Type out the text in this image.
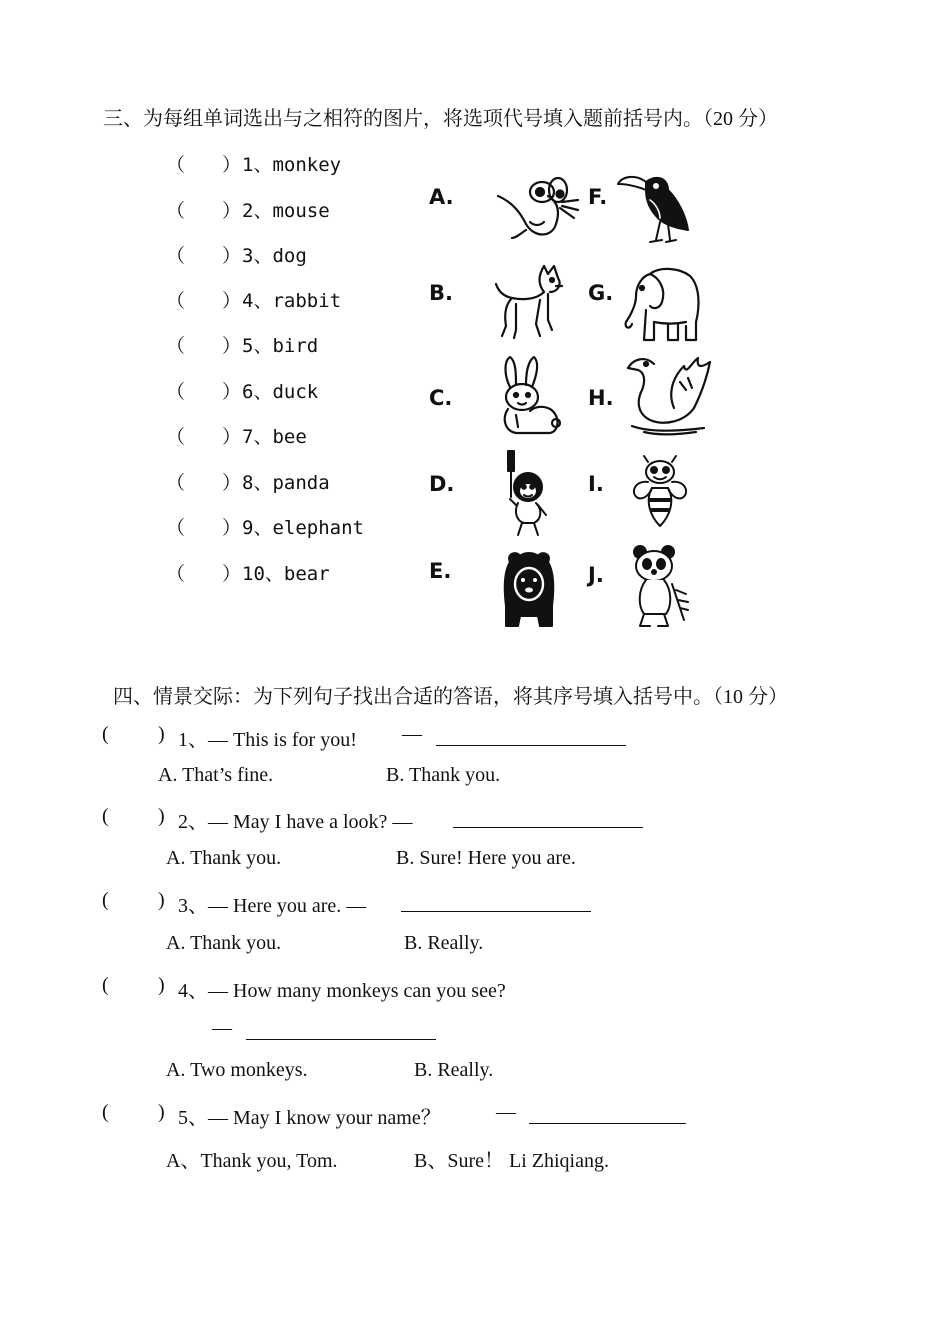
三、为每组单词选出与之相符的图片，将选项代号填入题前括号内。（20 分）
（ ） 1、monkey
（ ） 2、mouse
（ ） 3、dog
（ ） 4、rabbit
（ ） 5、bird
（ ） 6、duck
（ ） 7、bee
（ ） 8、panda
（ ） 9、elephant
（ ） 10、bear
A.
B.
C.
D.
E.
F.
G.
H.
I.
J.
四、情景交际：为下列句子找出合适的答语，将其序号填入括号中。（10 分）
( ) 1、— This is for you! —
A. That’s fine.	B. Thank you.
( ) 2、— May I have a look? —
A. Thank you.	B. Sure! Here you are.
( ) 3、— Here you are. —
A. Thank you.	B. Really.
( ) 4、— How many monkeys can you see?
—
A. Two monkeys.	B. Really.
( ) 5、— May I know your name？	—
A、Thank you, Tom.	B、Sure！ Li Zhiqiang.
